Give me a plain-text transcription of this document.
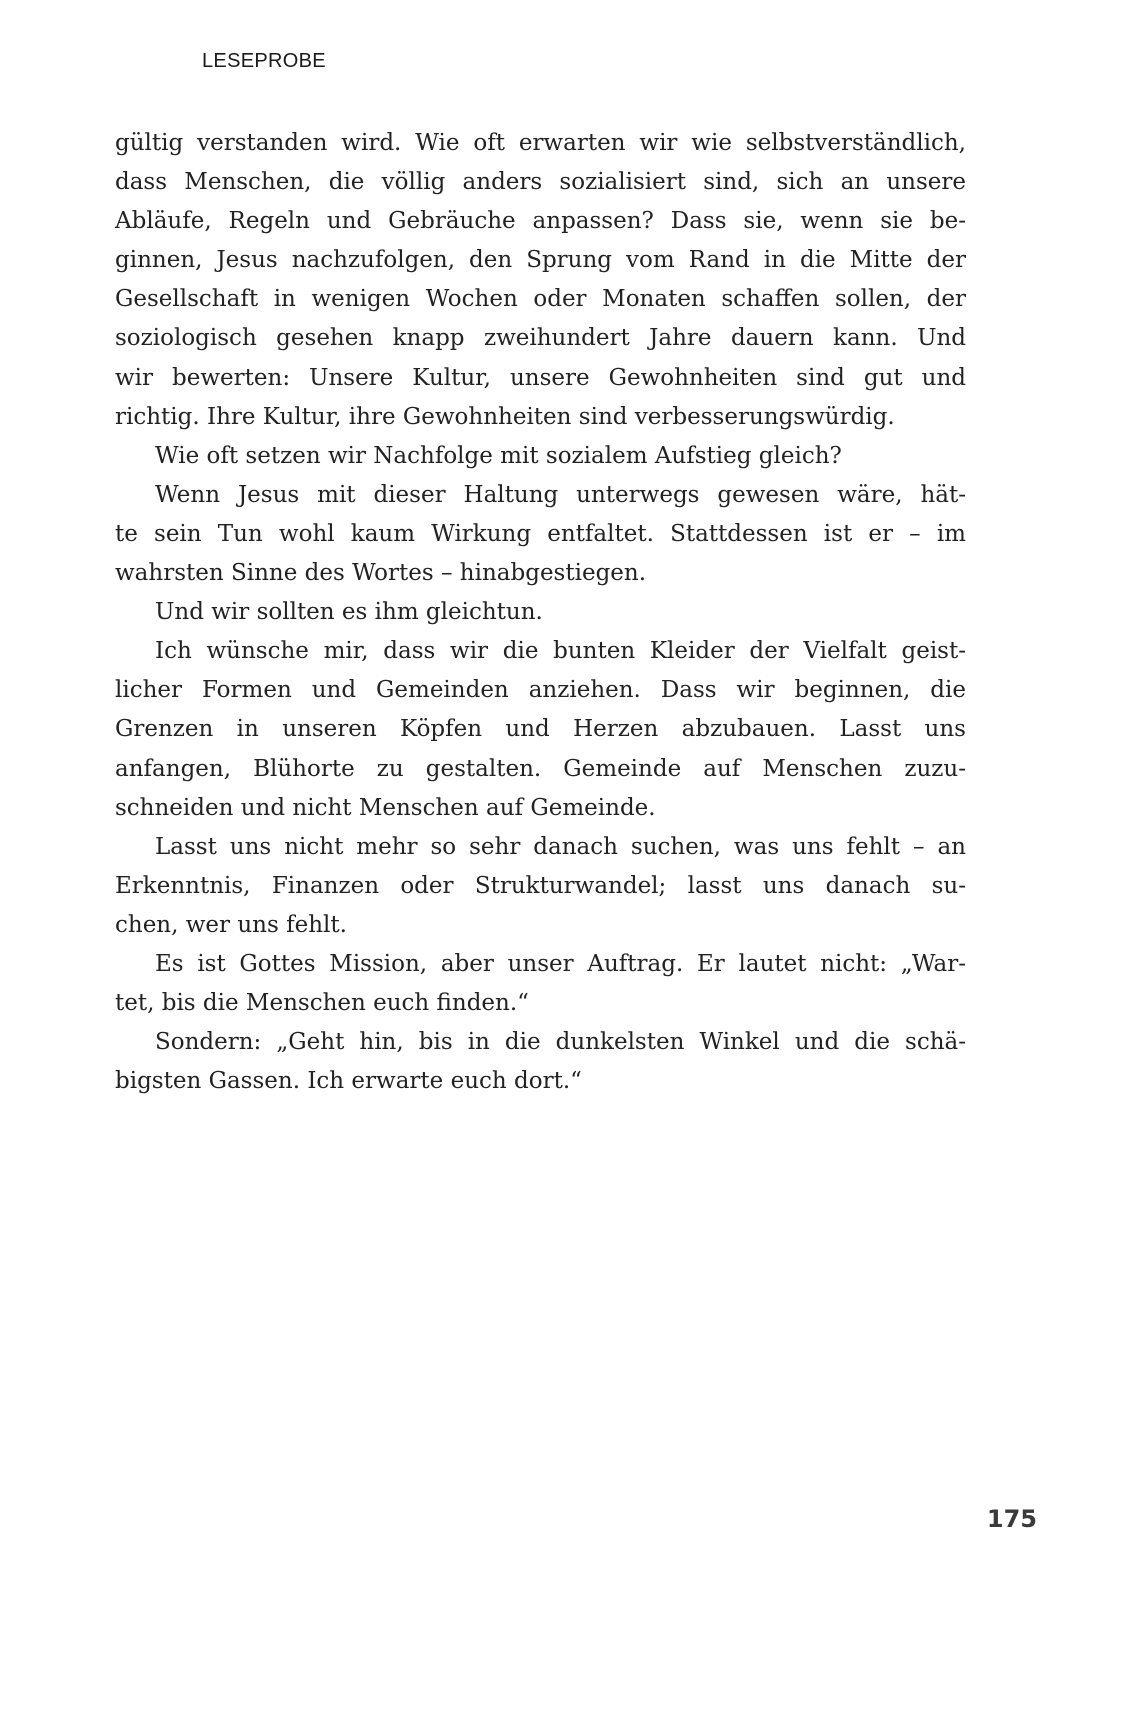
LESEPROBE
gültig verstanden wird. Wie oft erwarten wir wie selbstverständlich,
dass Menschen, die völlig anders sozialisiert sind, sich an unsere
Abläufe, Regeln und Gebräuche anpassen? Dass sie, wenn sie be-
ginnen, Jesus nachzufolgen, den Sprung vom Rand in die Mitte der
Gesellschaft in wenigen Wochen oder Monaten schaffen sollen, der
soziologisch gesehen knapp zweihundert Jahre dauern kann. Und
wir bewerten: Unsere Kultur, unsere Gewohnheiten sind gut und
richtig. Ihre Kultur, ihre Gewohnheiten sind verbesserungswürdig.
Wie oft setzen wir Nachfolge mit sozialem Aufstieg gleich?
Wenn Jesus mit dieser Haltung unterwegs gewesen wäre, hät-
te sein Tun wohl kaum Wirkung entfaltet. Stattdessen ist er – im
wahrsten Sinne des Wortes – hinabgestiegen.
Und wir sollten es ihm gleichtun.
Ich wünsche mir, dass wir die bunten Kleider der Vielfalt geist-
licher Formen und Gemeinden anziehen. Dass wir beginnen, die
Grenzen in unseren Köpfen und Herzen abzubauen. Lasst uns
anfangen, Blühorte zu gestalten. Gemeinde auf Menschen zuzu-
schneiden und nicht Menschen auf Gemeinde.
Lasst uns nicht mehr so sehr danach suchen, was uns fehlt – an
Erkenntnis, Finanzen oder Strukturwandel; lasst uns danach su-
chen, wer uns fehlt.
Es ist Gottes Mission, aber unser Auftrag. Er lautet nicht: „War-
tet, bis die Menschen euch finden.“
Sondern: „Geht hin, bis in die dunkelsten Winkel und die schä-
bigsten Gassen. Ich erwarte euch dort.“
175
